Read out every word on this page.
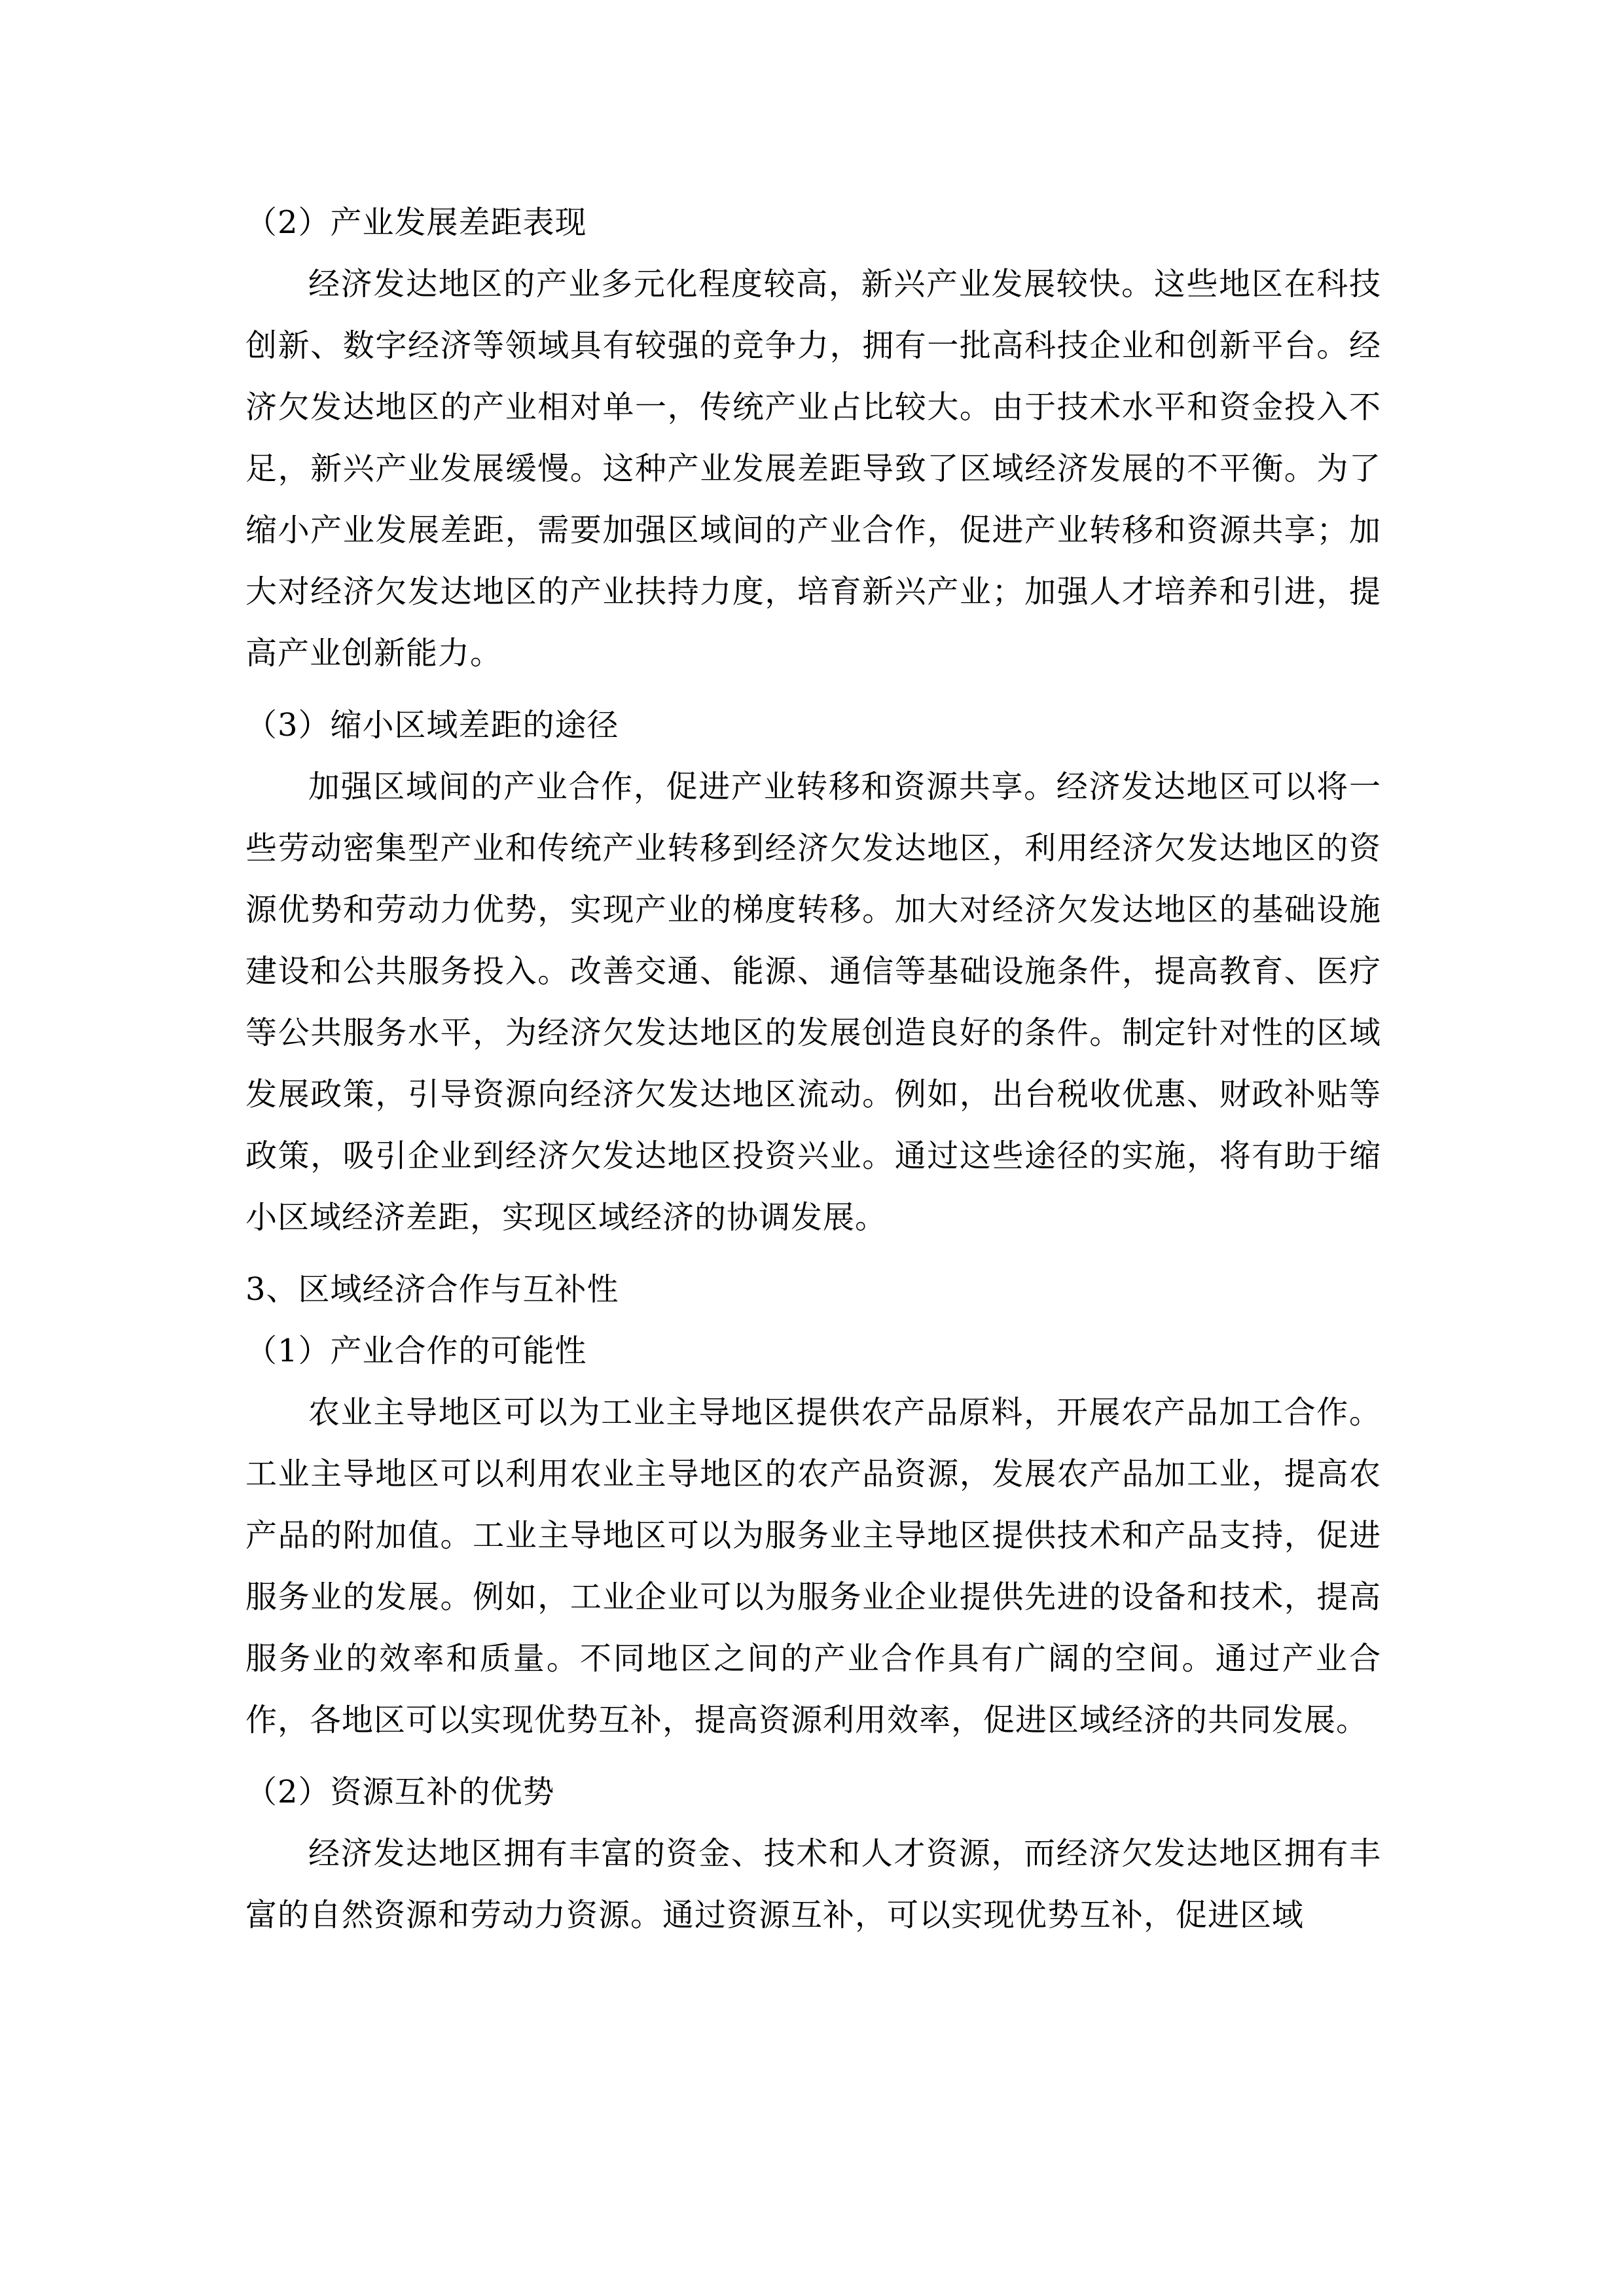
（2）产业发展差距表现

经济发达地区的产业多元化程度较高，新兴产业发展较快。这些地区在科技创新、数字经济等领域具有较强的竞争力，拥有一批高科技企业和创新平台。经济欠发达地区的产业相对单一，传统产业占比较大。由于技术水平和资金投入不足，新兴产业发展缓慢。这种产业发展差距导致了区域经济发展的不平衡。为了缩小产业发展差距，需要加强区域间的产业合作，促进产业转移和资源共享；加大对经济欠发达地区的产业扶持力度，培育新兴产业；加强人才培养和引进，提高产业创新能力。

（3）缩小区域差距的途径

加强区域间的产业合作，促进产业转移和资源共享。经济发达地区可以将一些劳动密集型产业和传统产业转移到经济欠发达地区，利用经济欠发达地区的资源优势和劳动力优势，实现产业的梯度转移。加大对经济欠发达地区的基础设施建设和公共服务投入。改善交通、能源、通信等基础设施条件，提高教育、医疗等公共服务水平，为经济欠发达地区的发展创造良好的条件。制定针对性的区域发展政策，引导资源向经济欠发达地区流动。例如，出台税收优惠、财政补贴等政策，吸引企业到经济欠发达地区投资兴业。通过这些途径的实施，将有助于缩小区域经济差距，实现区域经济的协调发展。

3、区域经济合作与互补性

（1）产业合作的可能性

农业主导地区可以为工业主导地区提供农产品原料，开展农产品加工合作。工业主导地区可以利用农业主导地区的农产品资源，发展农产品加工业，提高农产品的附加值。工业主导地区可以为服务业主导地区提供技术和产品支持，促进服务业的发展。例如，工业企业可以为服务业企业提供先进的设备和技术，提高服务业的效率和质量。不同地区之间的产业合作具有广阔的空间。通过产业合作，各地区可以实现优势互补，提高资源利用效率，促进区域经济的共同发展。

（2）资源互补的优势

经济发达地区拥有丰富的资金、技术和人才资源，而经济欠发达地区拥有丰富的自然资源和劳动力资源。通过资源互补，可以实现优势互补，促进区域
